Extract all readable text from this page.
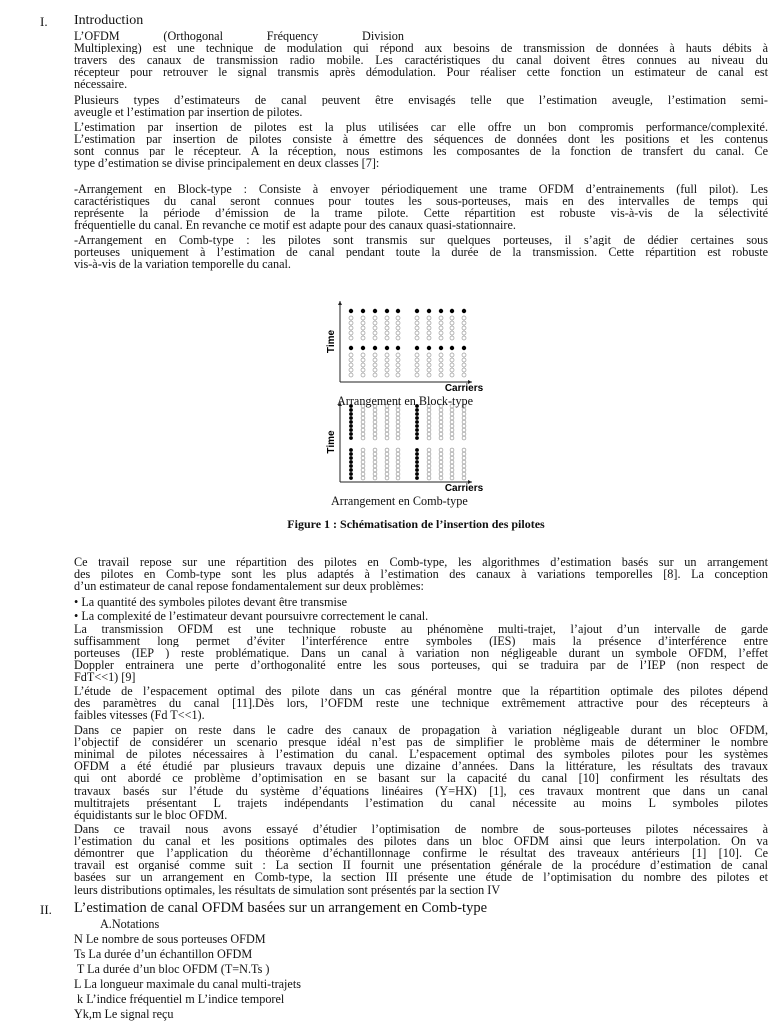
I. Introduction
L’OFDM (Orthogonal Fréquency Division
Multiplexing) est une technique de modulation qui répond aux besoins de transmission de données à hauts débits à
travers des canaux de transmission radio mobile. Les caractéristiques du canal doivent êtres connues au niveau du
récepteur pour retrouver le signal transmis après démodulation. Pour réaliser cette fonction un estimateur de canal est
nécessaire.
Plusieurs types d’estimateurs de canal peuvent être envisagés telle que l’estimation aveugle, l’estimation semi-
aveugle et l’estimation par insertion de pilotes.
L’estimation par insertion de pilotes est la plus utilisées car elle offre un bon compromis performance/complexité.
L’estimation par insertion de pilotes consiste à émettre des séquences de données dont les positions et les contenus
sont connus par le récepteur. A la réception, nous estimons les composantes de la fonction de transfert du canal. Ce
type d’estimation se divise principalement en deux classes [7]:
-Arrangement en Block-type : Consiste à envoyer périodiquement une trame OFDM d’entrainements (full pilot). Les
caractéristiques du canal seront connues pour toutes les sous-porteuses, mais en des intervalles de temps qui
représente la période d’émission de la trame pilote. Cette répartition est robuste vis-à-vis de la sélectivité
fréquentielle du canal. En revanche ce motif est adapte pour des canaux quasi-stationnaire.
-Arrangement en Comb-type : les pilotes sont transmis sur quelques porteuses, il s’agit de dédier certaines sous
porteuses uniquement à l’estimation de canal pendant toute la durée de la transmission. Cette répartition est robuste
vis-à-vis de la variation temporelle du canal.
Time
Carriers
Time
Carriers
Arrangement en Block-type
Arrangement en Comb-type
Figure 1 : Schématisation de l’insertion des pilotes
Ce travail repose sur une répartition des pilotes en Comb-type, les algorithmes d’estimation basés sur un arrangement
des pilotes en Comb-type sont les plus adaptés à l’estimation des canaux à variations temporelles [8]. La conception
d’un estimateur de canal repose fondamentalement sur deux problèmes:
• La quantité des symboles pilotes devant être transmise
• La complexité de l’estimateur devant poursuivre correctement le canal.
La transmission OFDM est une technique robuste au phénomène multi-trajet, l’ajout d’un intervalle de garde
suffisamment long permet d’éviter l’interférence entre symboles (IES) mais la présence d’interférence entre
porteuses (IEP ) reste problématique. Dans un canal à variation non négligeable durant un symbole OFDM, l’effet
Doppler entrainera une perte d’orthogonalité entre les sous porteuses, qui se traduira par de l’IEP (non respect de
FdT<<1) [9]
L’étude de l’espacement optimal des pilote dans un cas général montre que la répartition optimale des pilotes dépend
des paramètres du canal [11].Dès lors, l’OFDM reste une technique extrêmement attractive pour des récepteurs à
faibles vitesses (Fd T<<1).
Dans ce papier on reste dans le cadre des canaux de propagation à variation négligeable durant un bloc OFDM,
l’objectif de considérer un scenario presque idéal n’est pas de simplifier le problème mais de déterminer le nombre
minimal de pilotes nécessaires à l’estimation du canal. L’espacement optimal des symboles pilotes pour les systèmes
OFDM a été étudié par plusieurs travaux depuis une dizaine d’années. Dans la littérature, les résultats des travaux
qui ont abordé ce problème d’optimisation en se basant sur la capacité du canal [10] confirment les résultats des
travaux basés sur l’étude du système d’équations linéaires (Y=HX) [1], ces travaux montrent que dans un canal
multitrajets présentant L trajets indépendants l’estimation du canal nécessite au moins L symboles pilotes
équidistants sur le bloc OFDM.
Dans ce travail nous avons essayé d’étudier l’optimisation de nombre de sous-porteuses pilotes nécessaires à
l’estimation du canal et les positions optimales des pilotes dans un bloc OFDM ainsi que leurs interpolation. On va
démontrer que l’application du théorème d’échantillonnage confirme le résultat des traveaux antérieurs [1] [10]. Ce
travail est organisé comme suit : La section II fournit une présentation générale de la procédure d’estimation de canal
basées sur un arrangement en Comb-type, la section III présente une étude de l’optimisation du nombre des pilotes et
leurs distributions optimales, les résultats de simulation sont présentés par la section IV
II. L’estimation de canal OFDM basées sur un arrangement en Comb-type
A.Notations
N Le nombre de sous porteuses OFDM
Ts La durée d’un échantillon OFDM
T La durée d’un bloc OFDM (T=N.Ts )
L La longueur maximale du canal multi-trajets
k L’indice fréquentiel m L’indice temporel
Yk,m Le signal reçu
